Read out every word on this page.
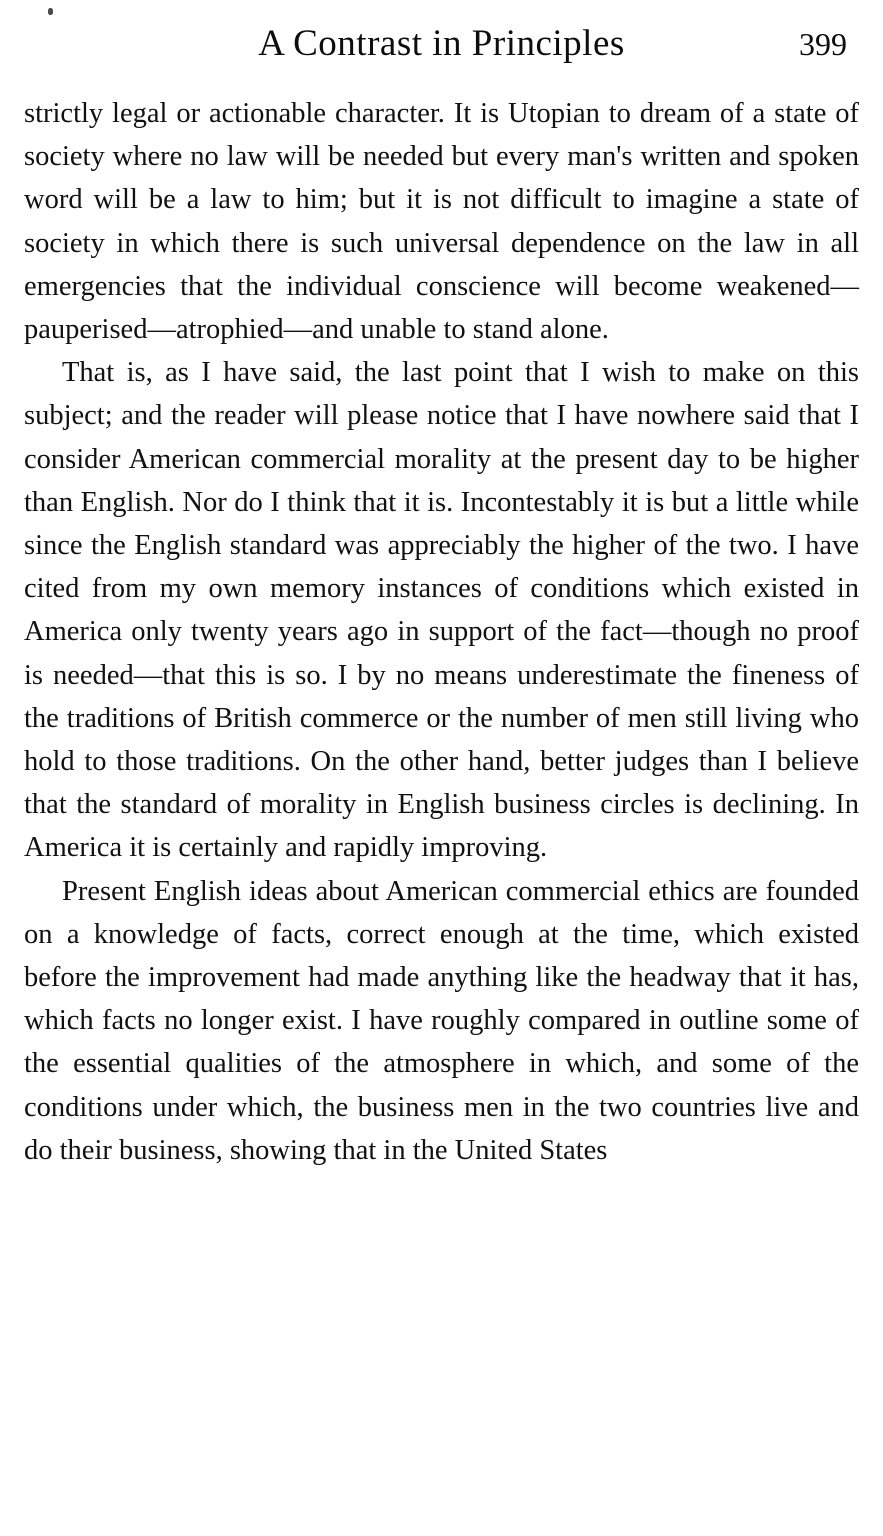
A Contrast in Principles	399

strictly legal or actionable character. It is Utopian to dream of a state of society where no law will be needed but every man's written and spoken word will be a law to him; but it is not difficult to imagine a state of society in which there is such universal dependence on the law in all emergencies that the individual conscience will become weakened—pauperised—atrophied—and unable to stand alone.

That is, as I have said, the last point that I wish to make on this subject; and the reader will please notice that I have nowhere said that I consider American commercial morality at the present day to be higher than English. Nor do I think that it is. Incontestably it is but a little while since the English standard was appreciably the higher of the two. I have cited from my own memory instances of conditions which existed in America only twenty years ago in support of the fact—though no proof is needed—that this is so. I by no means underestimate the fineness of the traditions of British commerce or the number of men still living who hold to those traditions. On the other hand, better judges than I believe that the standard of morality in English business circles is declining. In America it is certainly and rapidly improving.

Present English ideas about American commercial ethics are founded on a knowledge of facts, correct enough at the time, which existed before the improvement had made anything like the headway that it has, which facts no longer exist. I have roughly compared in outline some of the essential qualities of the atmosphere in which, and some of the conditions under which, the business men in the two countries live and do their business, showing that in the United States
